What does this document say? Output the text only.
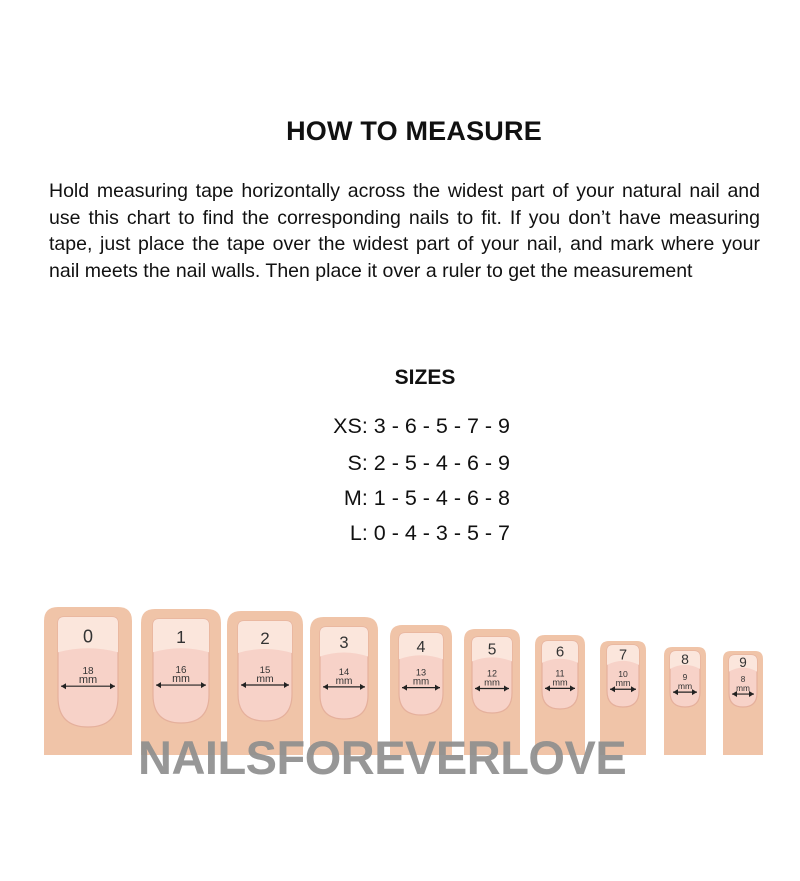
HOW TO MEASURE
Hold measuring tape horizontally across the widest part of your natural nail and use this chart to find the corresponding nails to fit. If you don’t have measuring tape, just place the tape over the widest part of your nail, and mark where your nail meets the nail walls. Then place it over a ruler to get the measurement
SIZES
XS: 3 - 6 - 5 - 7 - 9
S: 2 - 5 - 4 - 6 - 9
M: 1 - 5 - 4 - 6 - 8
L: 0 - 4 - 3 - 5 - 7
0
18
mm
1
16
mm
2
15
mm
3
14
mm
4
13
mm
5
12
mm
6
11
mm
7
10
mm
8
9
mm
9
8
mm
NAILSFOREVERLOVE
